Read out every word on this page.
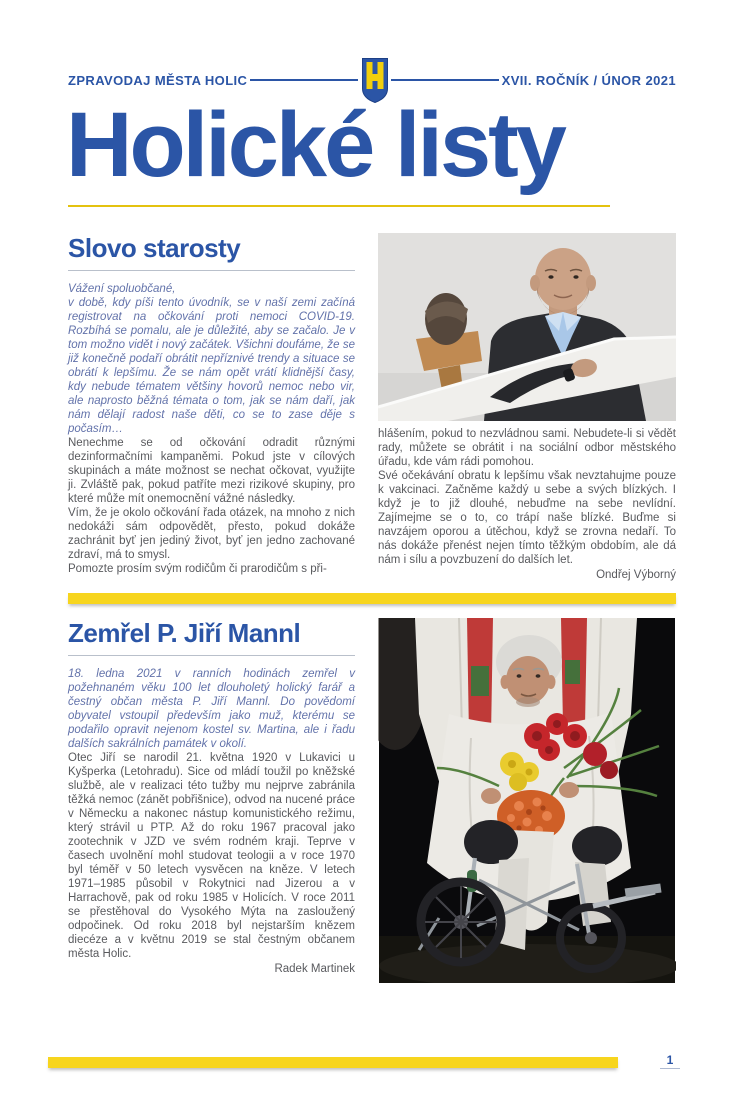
ZPRAVODAJ MĚSTA HOLIC	XVII. ROČNÍK / ÚNOR 2021
Holické listy
Slovo starosty

Vážení spoluobčané,

v době, kdy píši tento úvodník, se v naší zemi začíná registrovat na očkování proti nemoci COVID-19. Rozbíhá se pomalu, ale je důležité, aby se začalo. Je v tom možno vidět i nový začátek. Všichni doufáme, že se již konečně podaří obrátit nepříznivé trendy a situace se obrátí k lepšímu. Že se nám opět vrátí klidnější časy, kdy nebude tématem většiny hovorů nemoc nebo vir, ale naprosto běžná témata o tom, jak se nám daří, jak nám dělají radost naše děti, co se to zase děje s počasím…

Nenechme se od očkování odradit různými dezinformačními kampaněmi. Pokud jste v cílových skupinách a máte možnost se nechat očkovat, využijte ji. Zvláště pak, pokud patříte mezi rizikové skupiny, pro které může mít onemocnění vážné následky.

Vím, že je okolo očkování řada otázek, na mnoho z nich nedokáži sám odpovědět, přesto, pokud dokáže zachránit byť jen jediný život, byť jen jedno zachované zdraví, má to smysl.

Pomozte prosím svým rodičům či prarodičům s při-

hlášením, pokud to nezvládnou sami. Nebudete-li si vědět rady, můžete se obrátit i na sociální odbor městského úřadu, kde vám rádi pomohou.

Své očekávání obratu k lepšímu však nevztahujme pouze k vakcinaci. Začněme každý u sebe a svých blízkých. I když je to již dlouhé, nebuďme na sebe nevlídní. Zajímejme se o to, co trápí naše blízké. Buďme si navzájem oporou a útěchou, když se zrovna nedaří. To nás dokáže přenést nejen tímto těžkým obdobím, ale dá nám i sílu a povzbuzení do dalších let.

Ondřej Výborný

Zemřel P. Jiří Mannl

18. ledna 2021 v ranních hodinách zemřel v požehnaném věku 100 let dlouholetý holický farář a čestný občan města P. Jiří Mannl. Do povědomí obyvatel vstoupil především jako muž, kterému se podařilo opravit nejenom kostel sv. Martina, ale i řadu dalších sakrálních památek v okolí.

Otec Jiří se narodil 21. května 1920 v Lukavici u Kyšperka (Letohradu). Sice od mládí toužil po kněžské službě, ale v realizaci této tužby mu nejprve zabránila těžká nemoc (zánět pobřišnice), odvod na nucené práce v Německu a nakonec nástup komunistického režimu, který strávil u PTP. Až do roku 1967 pracoval jako zootechnik v JZD ve svém rodném kraji. Teprve v časech uvolnění mohl studovat teologii a v roce 1970 byl téměř v 50 letech vysvěcen na kněze. V letech 1971–1985 působil v Rokytnici nad Jizerou a v Harrachově, pak od roku 1985 v Holicích. V roce 2011 se přestěhoval do Vysokého Mýta na zasloužený odpočinek. Od roku 2018 byl nejstarším knězem diecéze a v květnu 2019 se stal čestným občanem města Holic.

Radek Martinek

1
